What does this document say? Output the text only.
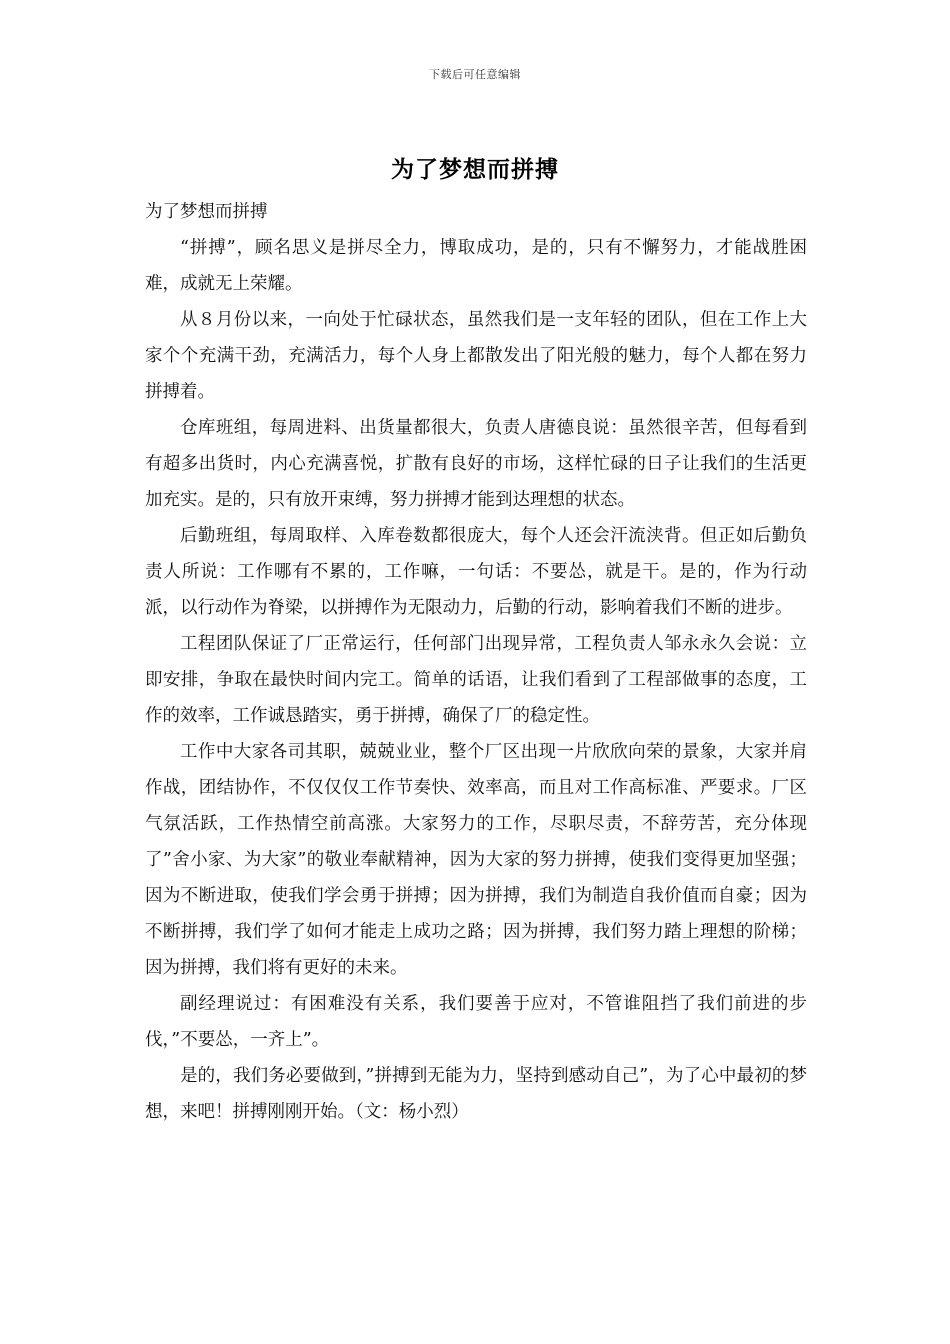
下载后可任意编辑
为了梦想而拼搏

为了梦想而拼搏

“拼搏”，顾名思义是拼尽全力，博取成功，是的，只有不懈努力，才能战胜困难，成就无上荣耀。

从８月份以来，一向处于忙碌状态，虽然我们是一支年轻的团队，但在工作上大家个个充满干劲，充满活力，每个人身上都散发出了阳光般的魅力，每个人都在努力拼搏着。

仓库班组，每周进料、出货量都很大，负责人唐德良说：虽然很辛苦，但每看到有超多出货时，内心充满喜悦，扩散有良好的市场，这样忙碌的日子让我们的生活更加充实。是的，只有放开束缚，努力拼搏才能到达理想的状态。

后勤班组，每周取样、入库卷数都很庞大，每个人还会汗流浃背。但正如后勤负责人所说：工作哪有不累的，工作嘛，一句话：不要怂，就是干。是的，作为行动派，以行动作为脊梁，以拼搏作为无限动力，后勤的行动，影响着我们不断的进步。

工程团队保证了厂正常运行，任何部门出现异常，工程负责人邹永永久会说：立即安排，争取在最快时间内完工。简单的话语，让我们看到了工程部做事的态度，工作的效率，工作诚恳踏实，勇于拼搏，确保了厂的稳定性。

工作中大家各司其职，兢兢业业，整个厂区出现一片欣欣向荣的景象，大家并肩作战，团结协作，不仅仅仅工作节奏快、效率高，而且对工作高标准、严要求。厂区气氛活跃，工作热情空前高涨。大家努力的工作，尽职尽责，不辞劳苦，充分体现了”舍小家、为大家”的敬业奉献精神，因为大家的努力拼搏，使我们变得更加坚强；因为不断进取，使我们学会勇于拼搏；因为拼搏，我们为制造自我价值而自豪；因为不断拼搏，我们学了如何才能走上成功之路；因为拼搏，我们努力踏上理想的阶梯；因为拼搏，我们将有更好的未来。

副经理说过：有困难没有关系，我们要善于应对，不管谁阻挡了我们前进的步伐，”不要怂，一齐上”。

是的，我们务必要做到，”拼搏到无能为力，坚持到感动自己”，为了心中最初的梦想，来吧！拼搏刚刚开始。（文：杨小烈）
